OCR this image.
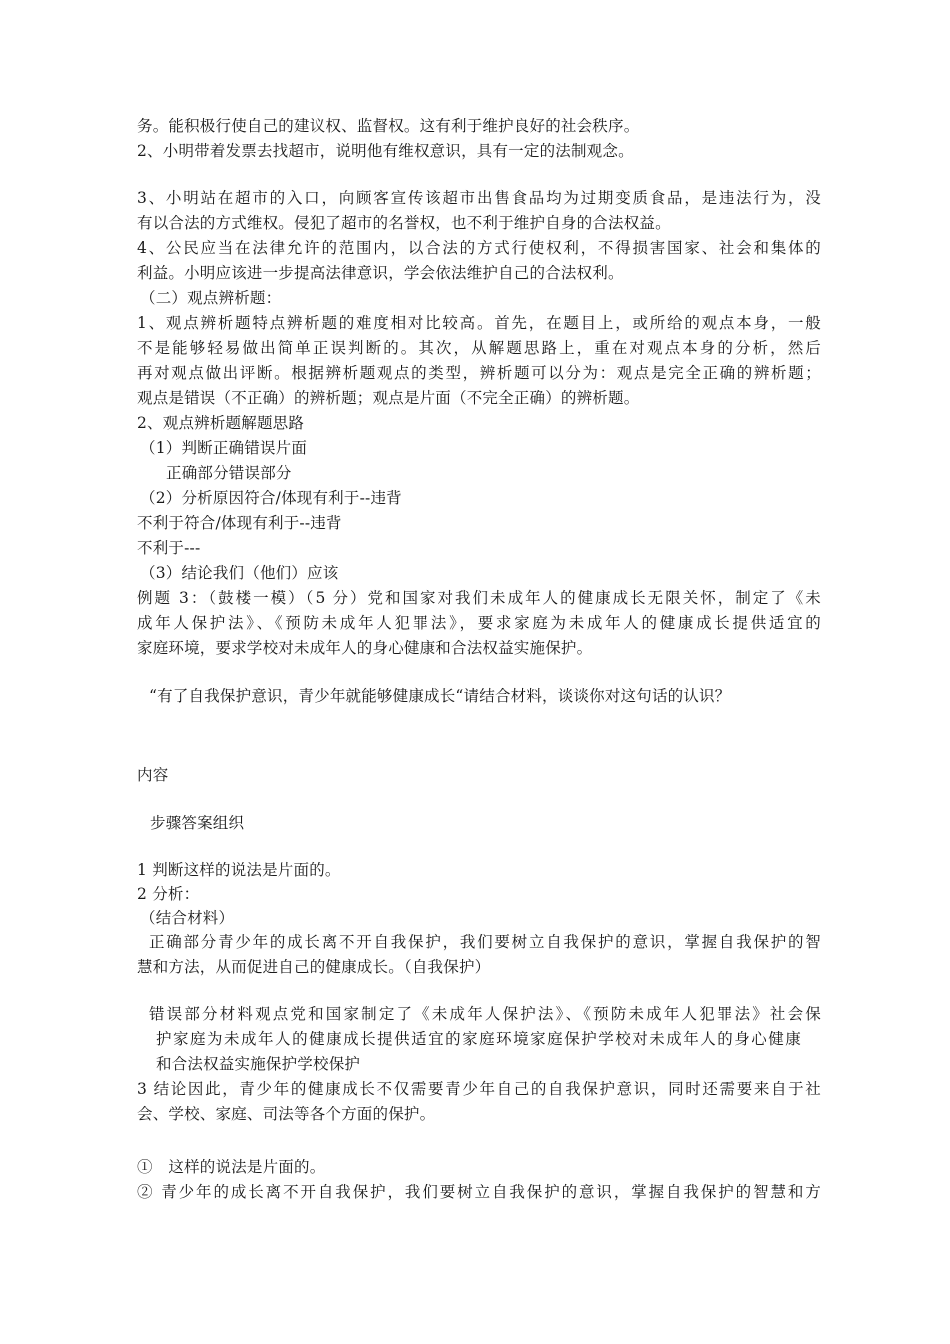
务。能积极行使自己的建议权、监督权。这有利于维护良好的社会秩序。
2、小明带着发票去找超市，说明他有维权意识，具有一定的法制观念。
3、小明站在超市的入口，向顾客宣传该超市出售食品均为过期变质食品，是违法行为，没
有以合法的方式维权。侵犯了超市的名誉权，也不利于维护自身的合法权益。
4、公民应当在法律允许的范围内，以合法的方式行使权利，不得损害国家、社会和集体的
利益。小明应该进一步提高法律意识，学会依法维护自己的合法权利。
（二）观点辨析题：
1、观点辨析题特点辨析题的难度相对比较高。首先，在题目上，或所给的观点本身，一般
不是能够轻易做出简单正误判断的。其次，从解题思路上，重在对观点本身的分析，然后
再对观点做出评断。根据辨析题观点的类型，辨析题可以分为：观点是完全正确的辨析题；
观点是错误（不正确）的辨析题；观点是片面（不完全正确）的辨析题。
2、观点辨析题解题思路
（1）判断正确错误片面
正确部分错误部分
（2）分析原因符合/体现有利于--违背
不利于符合/体现有利于--违背
不利于---
（3）结论我们（他们）应该
例题 3：（鼓楼一模）（5 分）党和国家对我们未成年人的健康成长无限关怀，制定了《未
成年人保护法》、《预防未成年人犯罪法》，要求家庭为未成年人的健康成长提供适宜的
家庭环境，要求学校对未成年人的身心健康和合法权益实施保护。
“有了自我保护意识，青少年就能够健康成长“请结合材料，谈谈你对这句话的认识？
内容
步骤答案组织
1 判断这样的说法是片面的。
2 分析：
（结合材料）
正确部分青少年的成长离不开自我保护，我们要树立自我保护的意识，掌握自我保护的智
慧和方法，从而促进自己的健康成长。（自我保护）
错误部分材料观点党和国家制定了《未成年人保护法》、《预防未成年人犯罪法》社会保
护家庭为未成年人的健康成长提供适宜的家庭环境家庭保护学校对未成年人的身心健康
和合法权益实施保护学校保护
3 结论因此，青少年的健康成长不仅需要青少年自己的自我保护意识，同时还需要来自于社
会、学校、家庭、司法等各个方面的保护。
①　这样的说法是片面的。
② 青少年的成长离不开自我保护，我们要树立自我保护的意识，掌握自我保护的智慧和方
